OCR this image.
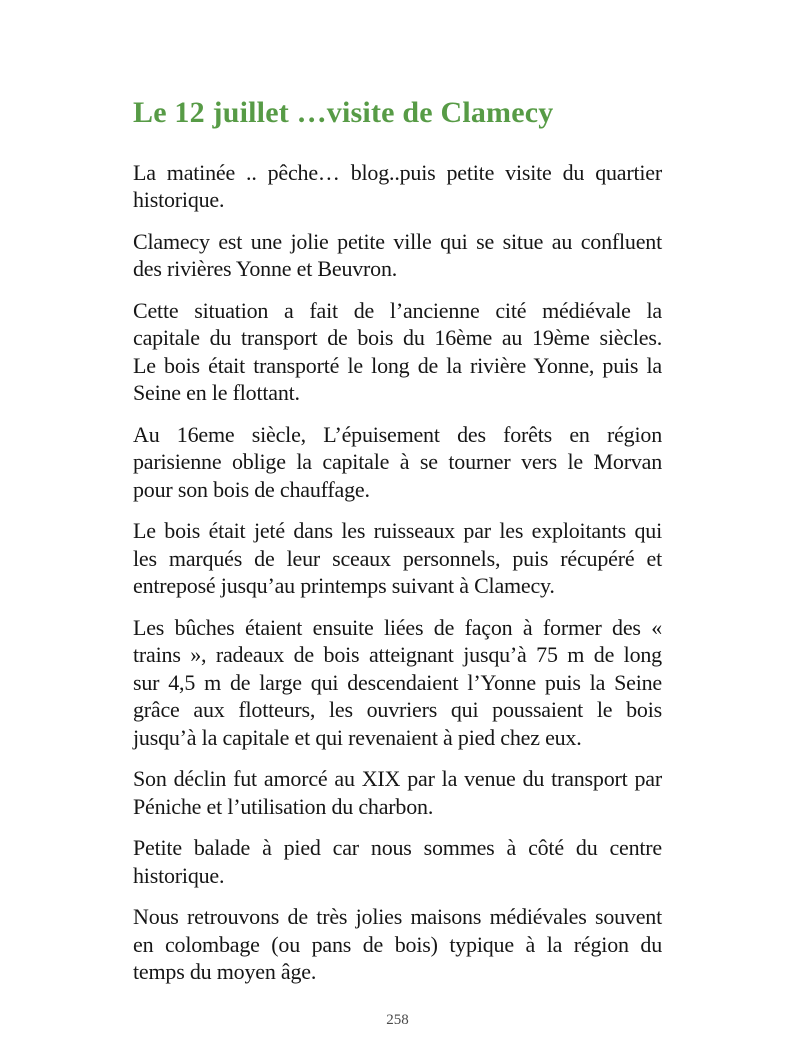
Le 12 juillet …visite de Clamecy
La matinée .. pêche… blog..puis petite visite du quartier
historique.
Clamecy est une jolie petite ville qui se situe au confluent
des rivières Yonne et Beuvron.
Cette situation a fait de l’ancienne cité médiévale la
capitale du transport de bois du 16ème au 19ème siècles.
Le bois était transporté le long de la rivière Yonne, puis la
Seine en le flottant.
Au 16eme siècle, L’épuisement des forêts en région
parisienne oblige la capitale à se tourner vers le Morvan
pour son bois de chauffage.
Le bois était jeté dans les ruisseaux par les exploitants qui
les marqués de leur sceaux personnels, puis récupéré et
entreposé jusqu’au printemps suivant à Clamecy.
Les bûches étaient ensuite liées de façon à former des «
trains », radeaux de bois atteignant jusqu’à 75 m de long
sur 4,5 m de large qui descendaient l’Yonne puis la Seine
grâce aux flotteurs, les ouvriers qui poussaient le bois
jusqu’à la capitale et qui revenaient à pied chez eux.
Son déclin fut amorcé au XIX par la venue du transport par
Péniche et l’utilisation du charbon.
Petite balade à pied car nous sommes à côté du centre
historique.
Nous retrouvons de très jolies maisons médiévales souvent
en colombage (ou pans de bois) typique à la région du
temps du moyen âge.
258
